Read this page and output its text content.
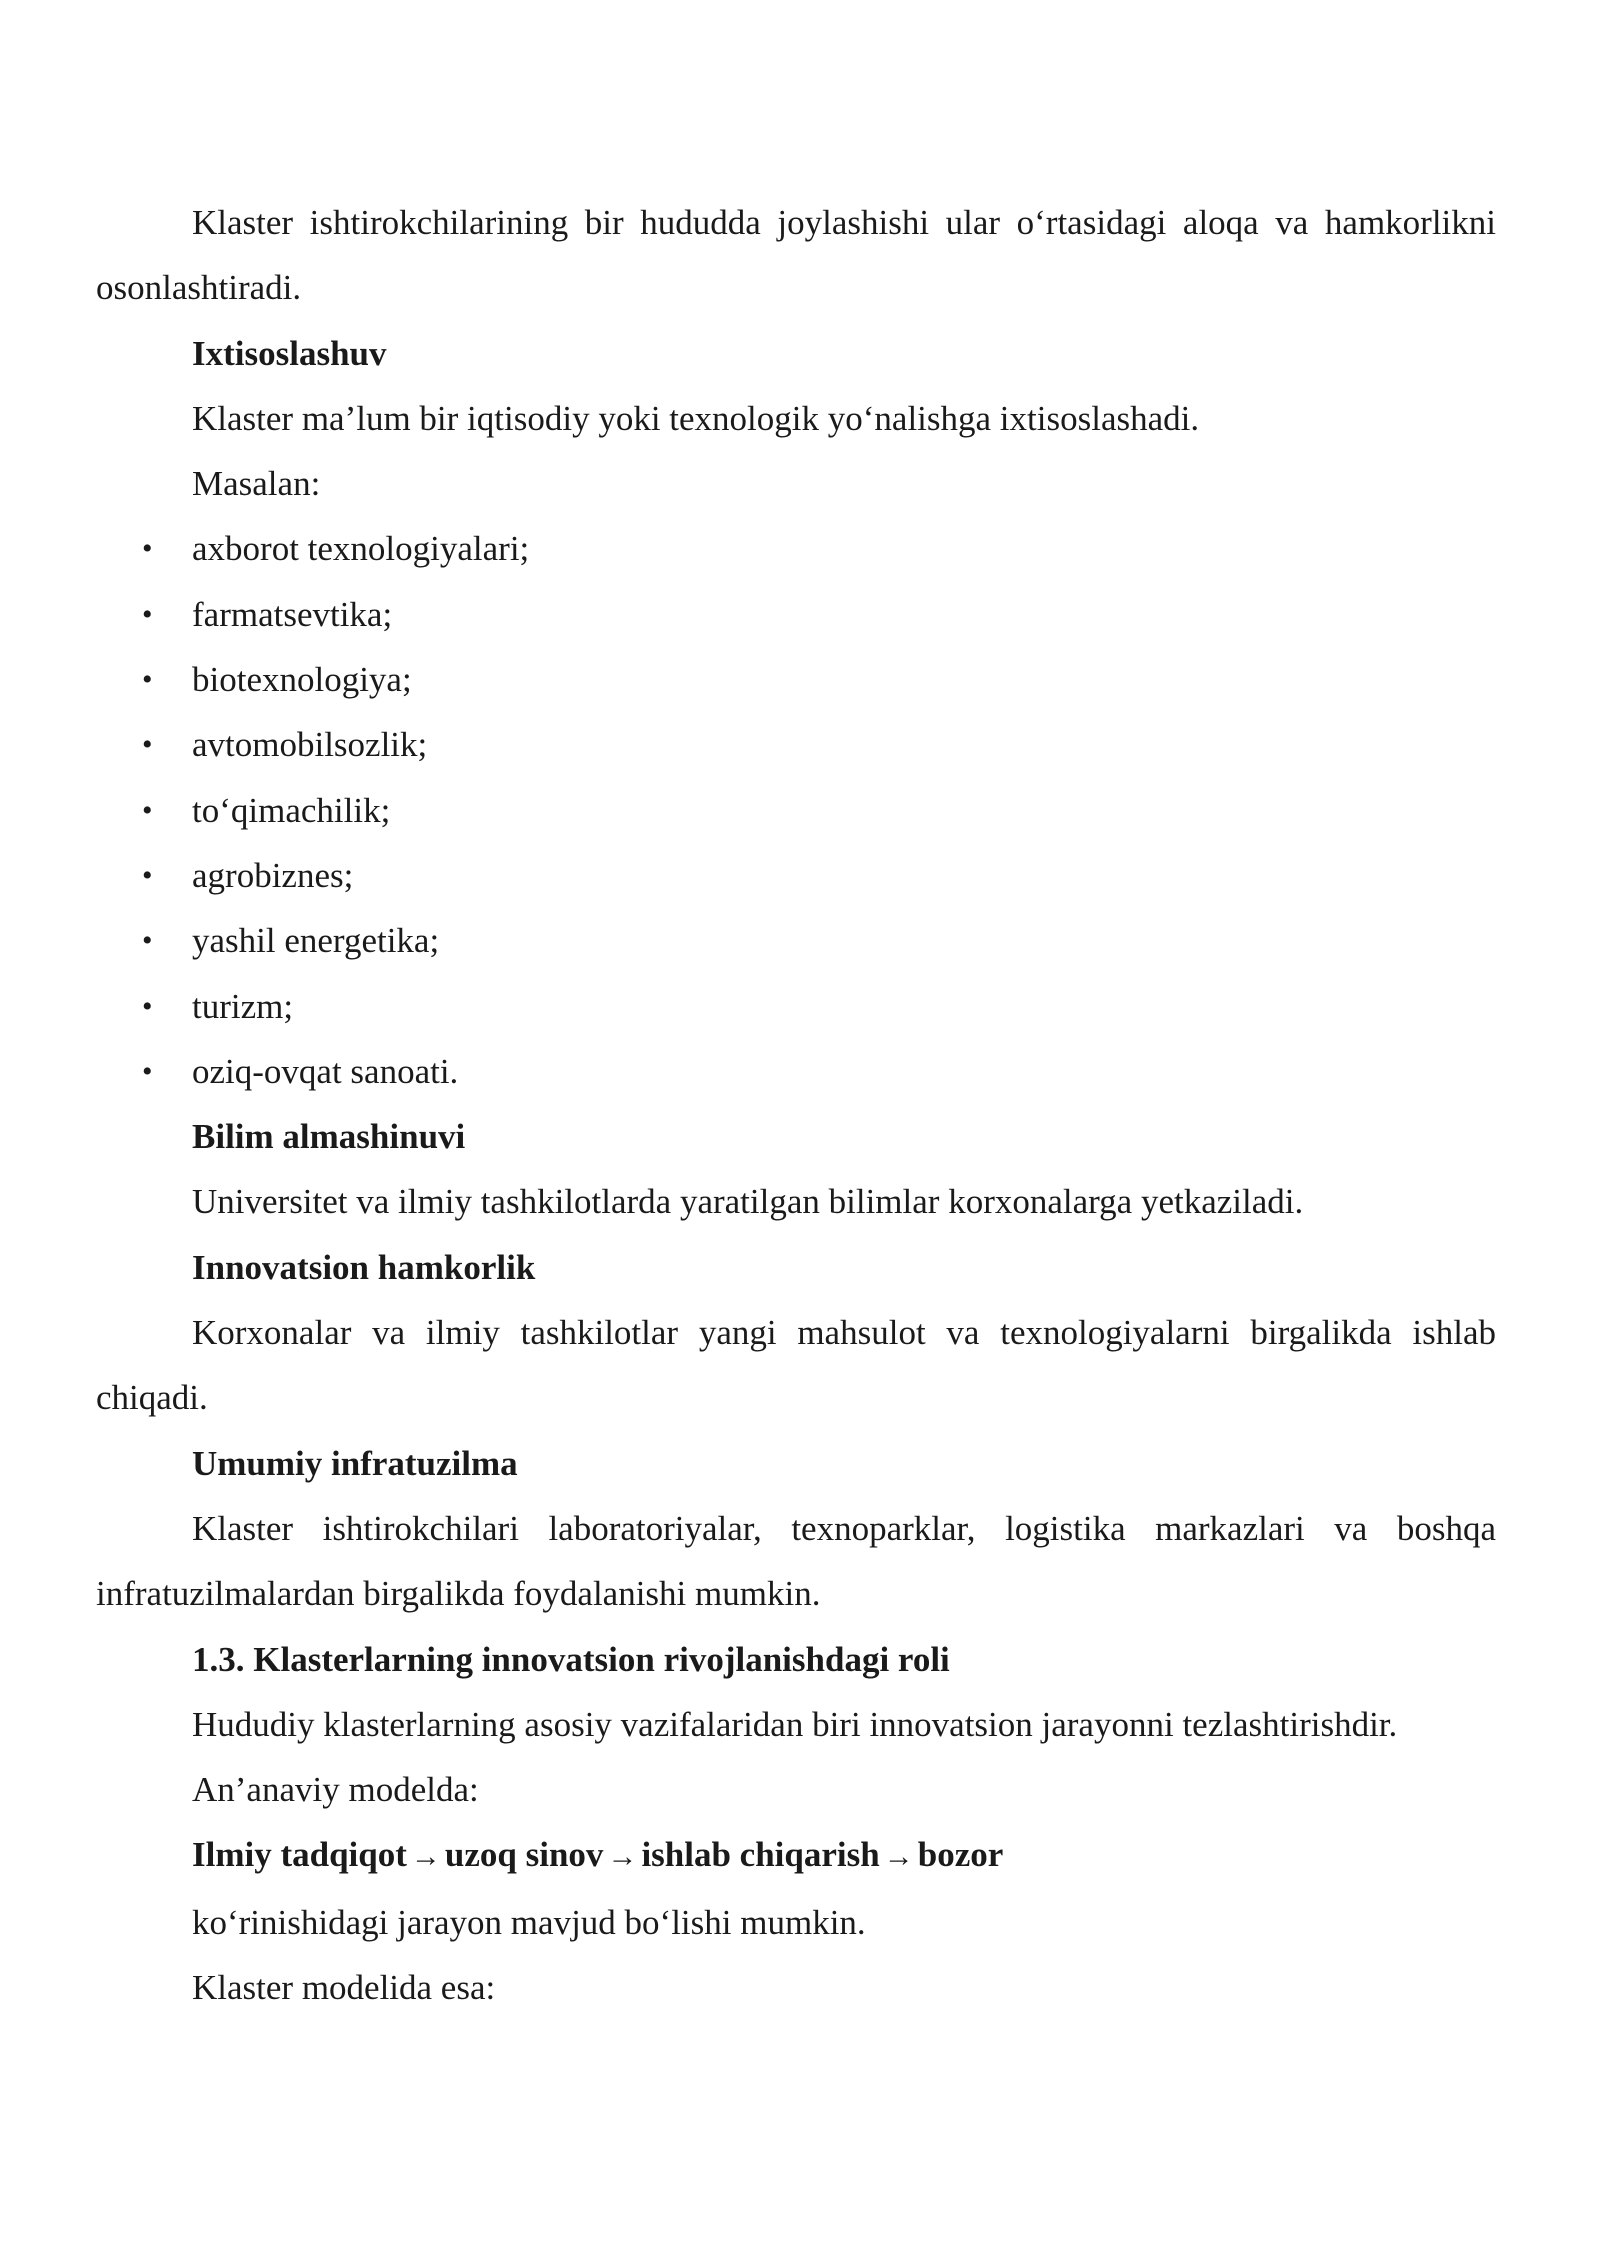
Klaster ishtirokchilarining bir hududda joylashishi ular o‘rtasidagi aloqa va hamkorlikni osonlashtiradi.

Ixtisoslashuv

Klaster ma’lum bir iqtisodiy yoki texnologik yo‘nalishga ixtisoslashadi.

Masalan:

• axborot texnologiyalari;
• farmatsevtika;
• biotexnologiya;
• avtomobilsozlik;
• to‘qimachilik;
• agrobiznes;
• yashil energetika;
• turizm;
• oziq-ovqat sanoati.

Bilim almashinuvi

Universitet va ilmiy tashkilotlarda yaratilgan bilimlar korxonalarga yetkaziladi.

Innovatsion hamkorlik

Korxonalar va ilmiy tashkilotlar yangi mahsulot va texnologiyalarni birgalikda ishlab chiqadi.

Umumiy infratuzilma

Klaster ishtirokchilari laboratoriyalar, texnoparklar, logistika markazlari va boshqa infratuzilmalardan birgalikda foydalanishi mumkin.

1.3. Klasterlarning innovatsion rivojlanishdagi roli

Hududiy klasterlarning asosiy vazifalaridan biri innovatsion jarayonni tezlashtirishdir.

An’anaviy modelda:

Ilmiy tadqiqot → uzoq sinov → ishlab chiqarish → bozor

ko‘rinishidagi jarayon mavjud bo‘lishi mumkin.

Klaster modelida esa:
